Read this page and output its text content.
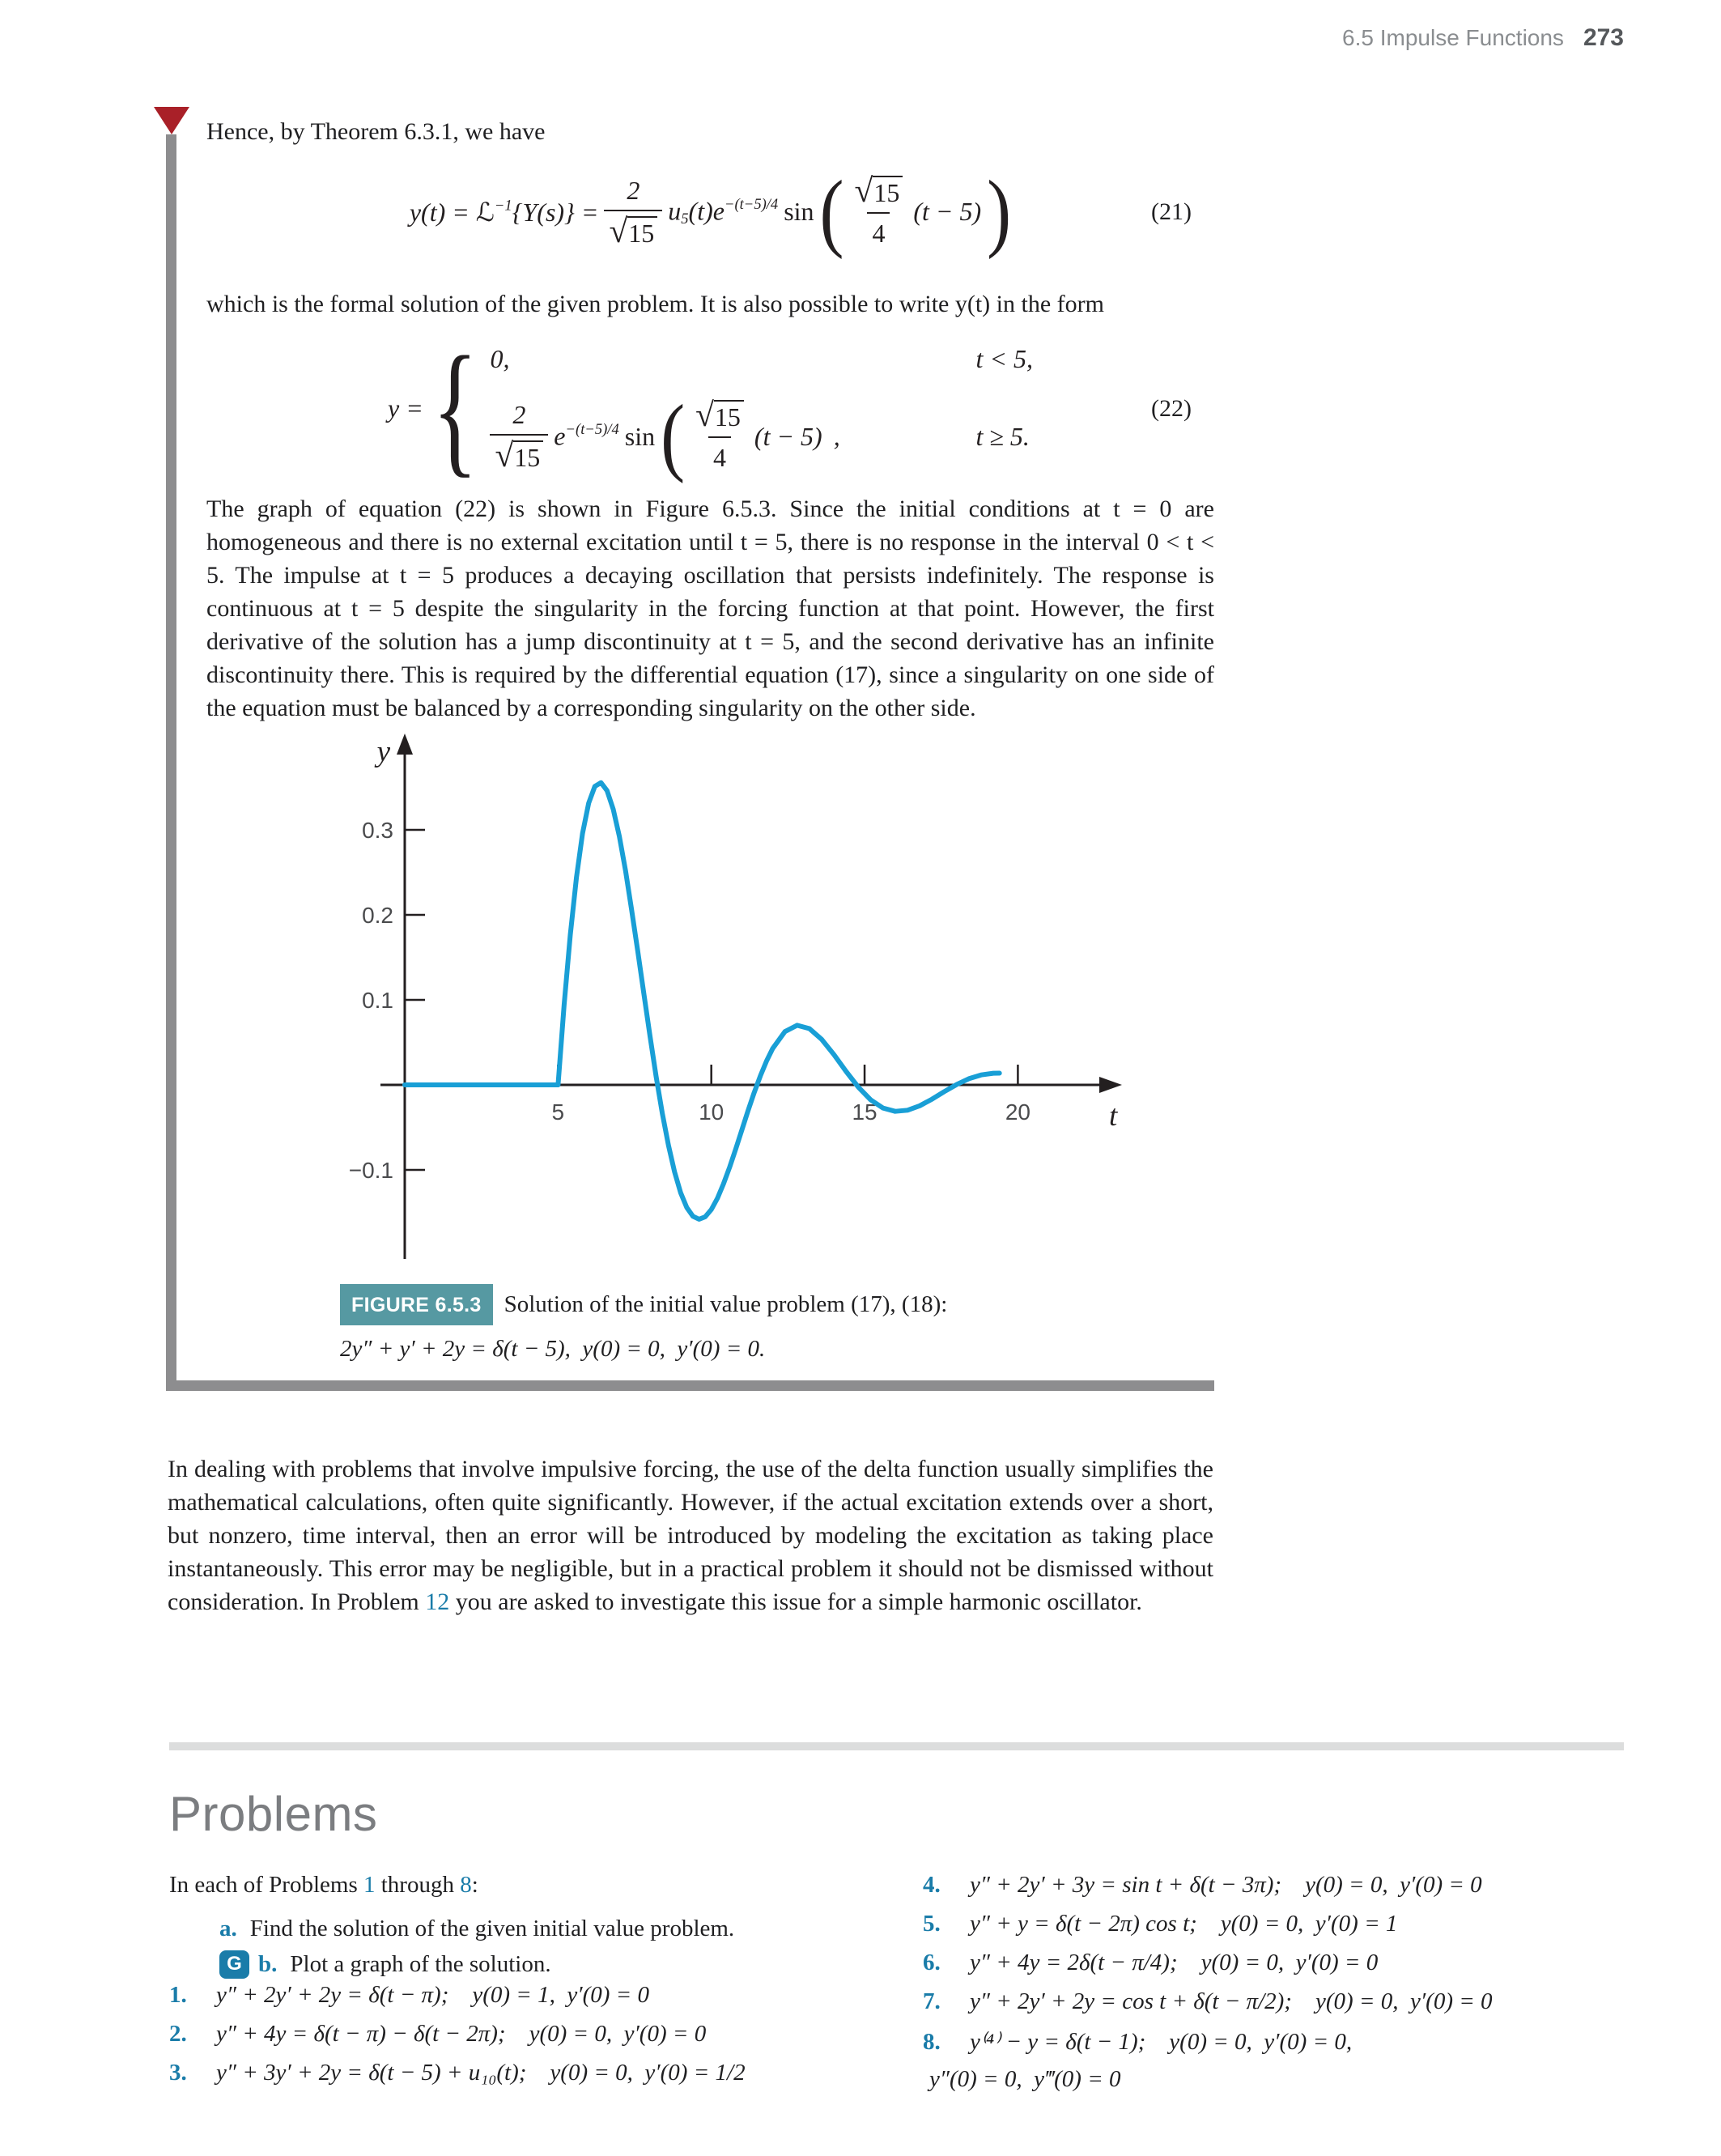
6.5 Impulse Functions 273
Hence, by Theorem 6.3.1, we have
y(t) = ℒ$^{-1}${Y(s)} = $\frac{2}{√ 15} u_5(t)e^{-(t-5)/4}$ sin ( $\frac{√ 15}{4} (t - 5)$ )	(21)
which is the formal solution of the given problem. It is also possible to write y(t) in the form
y = { 0,	t < 5,
$\frac{2}{√ 15} e^{-(t-5)/4}$ sin ( $\frac{√ 15}{4} (t - 5)$ ,	t ≥ 5.
(22)
The graph of equation (22) is shown in Figure 6.5.3. Since the initial conditions at t = 0 are homogeneous and there is no external excitation until t = 5, there is no response in the interval 0 < t < 5. The impulse at t = 5 produces a decaying oscillation that persists indefinitely. The response is continuous at t = 5 despite the singularity in the forcing function at that point. However, the first derivative of the solution has a jump discontinuity at t = 5, and the second derivative has an infinite discontinuity there. This is required by the differential equation (17), since a singularity on one side of the equation must be balanced by a corresponding singularity on the other side.
y
t
0.3
0.2
0.1
−0.1
5	10	15	20
FIGURE 6.5.3 Solution of the initial value problem (17), (18):
2y″ + y′ + 2y = δ(t − 5),  y(0) = 0,  y′(0) = 0.
In dealing with problems that involve impulsive forcing, the use of the delta function usually simplifies the mathematical calculations, often quite significantly. However, if the actual excitation extends over a short, but nonzero, time interval, then an error will be introduced by modeling the excitation as taking place instantaneously. This error may be negligible, but in a practical problem it should not be dismissed without consideration. In Problem 12 you are asked to investigate this issue for a simple harmonic oscillator.
Problems
In each of Problems 1 through 8:
a. Find the solution of the given initial value problem.
G b. Plot a graph of the solution.
1.	y″ + 2y′ + 2y = δ(t − π);    y(0) = 1,  y′(0) = 0
2.	y″ + 4y = δ(t − π) − δ(t − 2π);    y(0) = 0,  y′(0) = 0
3.	y″ + 3y′ + 2y = δ(t − 5) + u₁₀(t);    y(0) = 0,  y′(0) = 1/2
4.	y″ + 2y′ + 3y = sin t + δ(t − 3π);    y(0) = 0,  y′(0) = 0
5.	y″ + y = δ(t − 2π) cos t;    y(0) = 0,  y′(0) = 1
6.	y″ + 4y = 2δ(t − π/4);    y(0) = 0,  y′(0) = 0
7.	y″ + 2y′ + 2y = cos t + δ(t − π/2);    y(0) = 0,  y′(0) = 0
8.	y⁽⁴⁾ − y = δ(t − 1);    y(0) = 0,  y′(0) = 0,
y″(0) = 0,  y‴(0) = 0
